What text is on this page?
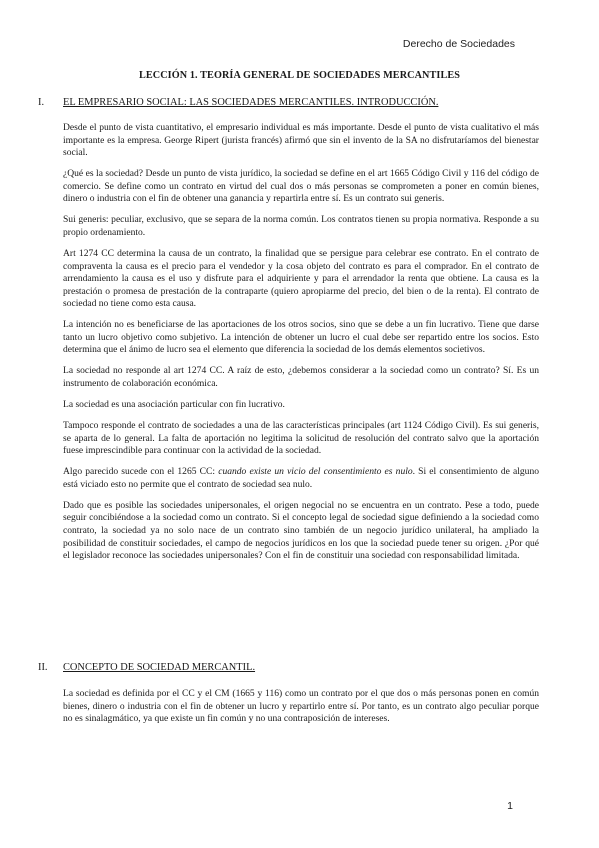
Derecho de Sociedades
LECCIÓN 1. TEORÍA GENERAL DE SOCIEDADES MERCANTILES
I. EL EMPRESARIO SOCIAL: LAS SOCIEDADES MERCANTILES. INTRODUCCIÓN.

Desde el punto de vista cuantitativo, el empresario individual es más importante. Desde el punto de vista cualitativo el más importante es la empresa. George Ripert (jurista francés) afirmó que sin el invento de la SA no disfrutaríamos del bienestar social.

¿Qué es la sociedad? Desde un punto de vista jurídico, la sociedad se define en el art 1665 Código Civil y 116 del código de comercio. Se define como un contrato en virtud del cual dos o más personas se comprometen a poner en común bienes, dinero o industria con el fin de obtener una ganancia y repartirla entre sí. Es un contrato sui generis.

Sui generis: peculiar, exclusivo, que se separa de la norma común. Los contratos tienen su propia normativa. Responde a su propio ordenamiento.

Art 1274 CC determina la causa de un contrato, la finalidad que se persigue para celebrar ese contrato. En el contrato de compraventa la causa es el precio para el vendedor y la cosa objeto del contrato es para el comprador. En el contrato de arrendamiento la causa es el uso y disfrute para el adquiriente y para el arrendador la renta que obtiene. La causa es la prestación o promesa de prestación de la contraparte (quiero apropiarme del precio, del bien o de la renta). El contrato de sociedad no tiene como esta causa.

La intención no es beneficiarse de las aportaciones de los otros socios, sino que se debe a un fin lucrativo. Tiene que darse tanto un lucro objetivo como subjetivo. La intención de obtener un lucro el cual debe ser repartido entre los socios. Esto determina que el ánimo de lucro sea el elemento que diferencia la sociedad de los demás elementos societivos.

La sociedad no responde al art 1274 CC. A raíz de esto, ¿debemos considerar a la sociedad como un contrato? Sí. Es un instrumento de colaboración económica.

La sociedad es una asociación particular con fin lucrativo.

Tampoco responde el contrato de sociedades a una de las características principales (art 1124 Código Civil). Es sui generis, se aparta de lo general. La falta de aportación no legitima la solicitud de resolución del contrato salvo que la aportación fuese imprescindible para continuar con la actividad de la sociedad.

Algo parecido sucede con el 1265 CC: cuando existe un vicio del consentimiento es nulo. Si el consentimiento de alguno está viciado esto no permite que el contrato de sociedad sea nulo.

Dado que es posible las sociedades unipersonales, el origen negocial no se encuentra en un contrato. Pese a todo, puede seguir concibiéndose a la sociedad como un contrato. Si el concepto legal de sociedad sigue definiendo a la sociedad como contrato, la sociedad ya no solo nace de un contrato sino también de un negocio jurídico unilateral, ha ampliado la posibilidad de constituir sociedades, el campo de negocios jurídicos en los que la sociedad puede tener su origen. ¿Por qué el legislador reconoce las sociedades unipersonales? Con el fin de constituir una sociedad con responsabilidad limitada.

II. CONCEPTO DE SOCIEDAD MERCANTIL.

La sociedad es definida por el CC y el CM (1665 y 116) como un contrato por el que dos o más personas ponen en común bienes, dinero o industria con el fin de obtener un lucro y repartirlo entre sí. Por tanto, es un contrato algo peculiar porque no es sinalagmático, ya que existe un fin común y no una contraposición de intereses.

1
